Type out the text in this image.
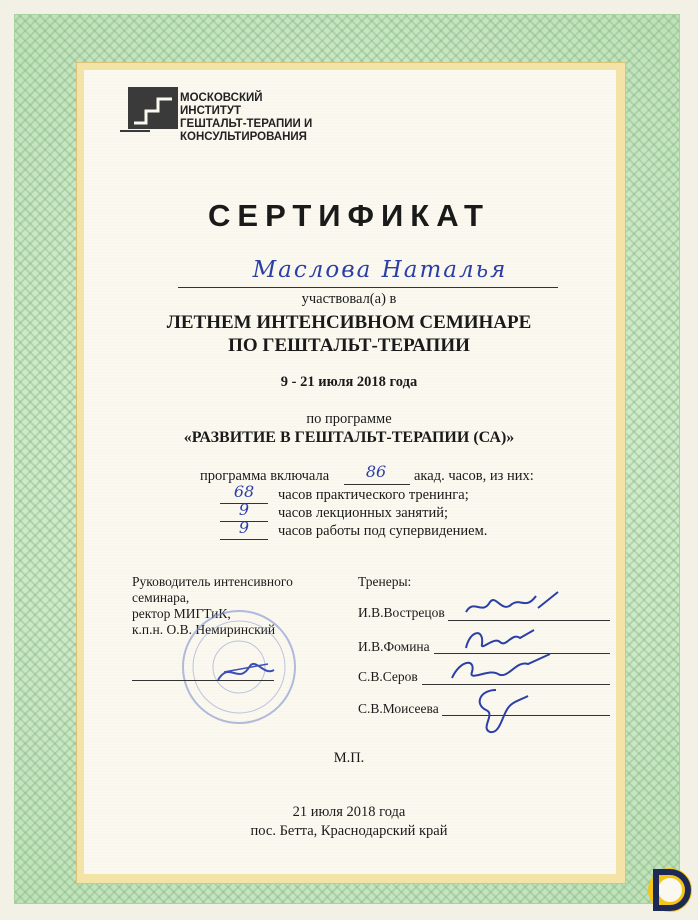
МОСКОВСКИЙ
ИНСТИТУТ
ГЕШТАЛЬТ-ТЕРАПИИ И
КОНСУЛЬТИРОВАНИЯ
СЕРТИФИКАТ
Маслова Наталья
участвовал(а) в
ЛЕТНЕМ ИНТЕНСИВНОМ СЕМИНАРЕ
ПО ГЕШТАЛЬТ-ТЕРАПИИ
9 - 21 июля 2018 года
по программе
«РАЗВИТИЕ В ГЕШТАЛЬТ-ТЕРАПИИ (СА)»
программа включала	86	акад. часов, из них:
68	часов практического тренинга;
9	часов лекционных занятий;
9	часов работы под супервидением.
Руководитель интенсивного
семинара,
ректор МИГТиК,
к.п.н. О.В. Немиринский
Тренеры:
И.В.Вострецов
И.В.Фомина
С.В.Серов
С.В.Моисеева
М.П.
21 июля 2018 года
пос. Бетта, Краснодарский край
